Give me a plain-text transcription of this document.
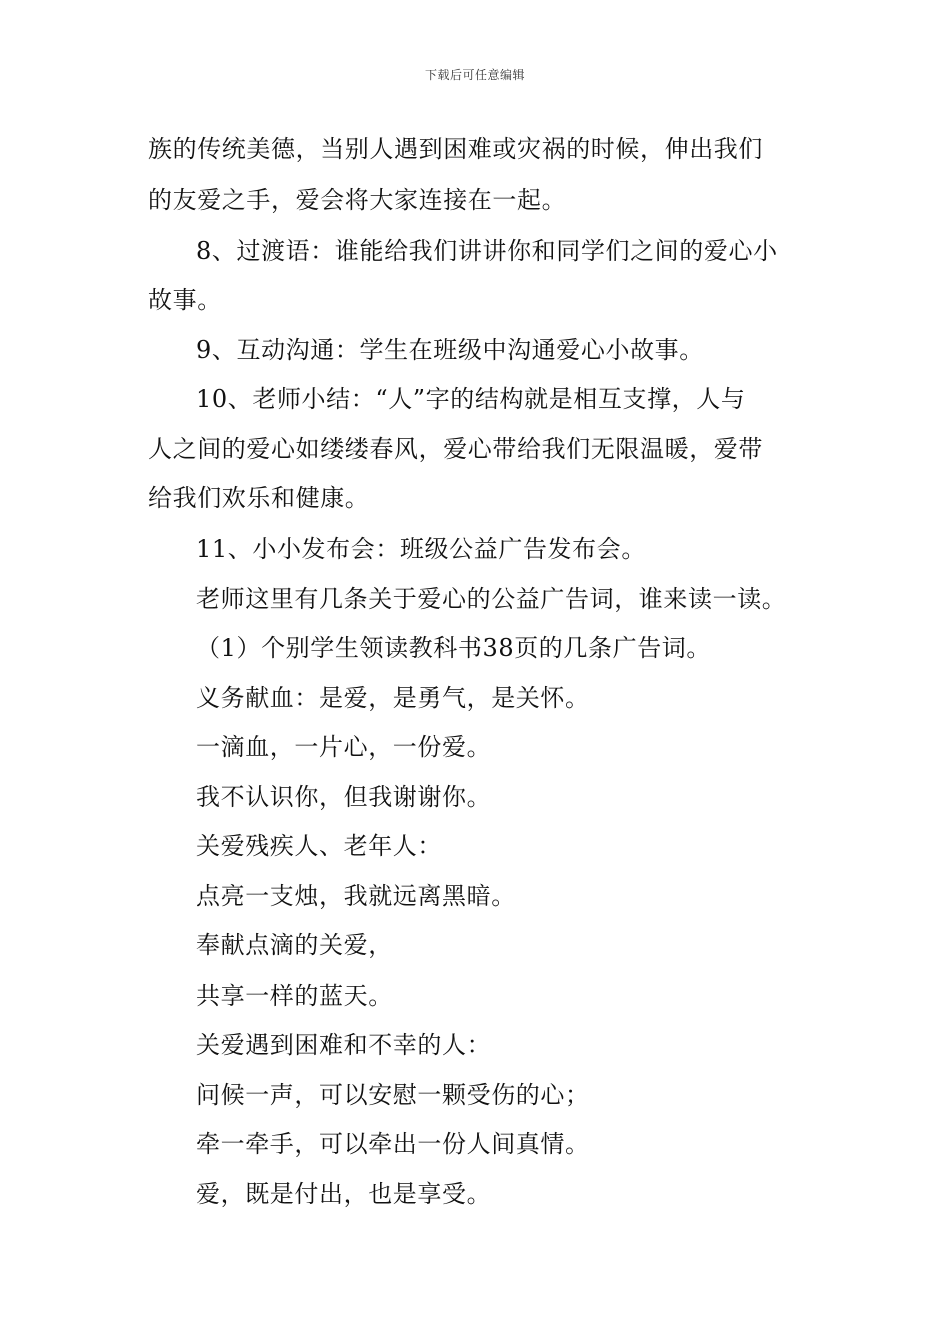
下载后可任意编辑
族的传统美德，当别人遇到困难或灾祸的时候，伸出我们
的友爱之手，爱会将大家连接在一起。
8、过渡语：谁能给我们讲讲你和同学们之间的爱心小
故事。
9、互动沟通：学生在班级中沟通爱心小故事。
10、老师小结：“人”字的结构就是相互支撑，人与
人之间的爱心如缕缕春风，爱心带给我们无限温暖，爱带
给我们欢乐和健康。
11、小小发布会：班级公益广告发布会。
老师这里有几条关于爱心的公益广告词，谁来读一读。
（1）个别学生领读教科书38页的几条广告词。
义务献血：是爱，是勇气，是关怀。
一滴血，一片心，一份爱。
我不认识你，但我谢谢你。
关爱残疾人、老年人：
点亮一支烛，我就远离黑暗。
奉献点滴的关爱，
共享一样的蓝天。
关爱遇到困难和不幸的人：
问候一声，可以安慰一颗受伤的心；
牵一牵手，可以牵出一份人间真情。
爱，既是付出，也是享受。
